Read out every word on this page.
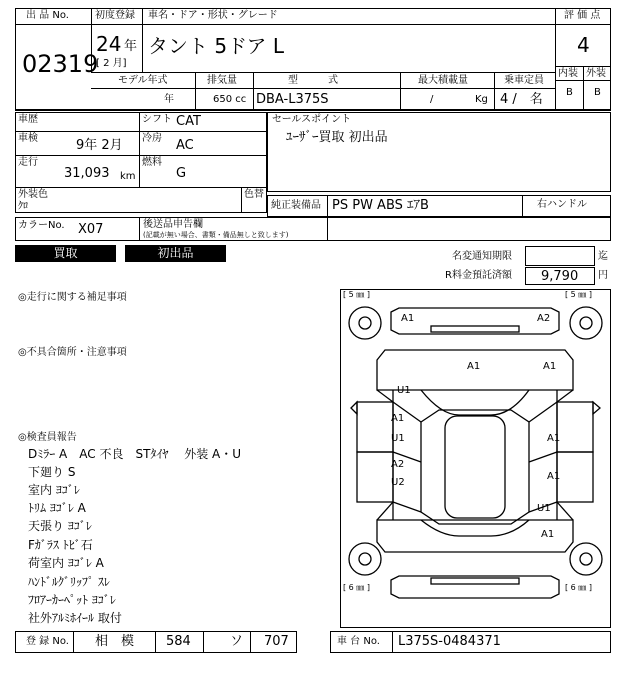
出 品 No.
02319
初度登録
24 年
[ 2 月]
車名・ドア・形状・グレード
タント 5ドア L
モデル年式
年
排気量
650 cc
型　　　式
DBA-L375S
最大積載量
/	Kg
乗車定員
4 /　名
評 価 点
4
内装 外装
B B
車歴
車検	9年 2月
走行
31,093 km
シフト CAT
冷房 AC
燃料
G
セールスポイント
ﾕｰｻﾞｰ買取 初出品
外装色
ｸﾛ
色替
純正装備品 PS PW ABS ｴｱB	右ハンドル
カラーNo. X07	後送品申告欄
(記載が無い場合、書類・備品無しと致します)
買取	初出品	名変通知期限	迄
R料金預託済額 9,790 円
◎走行に関する補足事項
◎不具合箇所・注意事項
◎検査員報告
Dﾐﾗｰ A　AC 不良　STﾀｲﾔ　 外装 A・U
下廻り S
室内 ﾖｺﾞﾚ
ﾄﾘﾑ ﾖｺﾞﾚ A
天張り ﾖｺﾞﾚ
Fｶﾞﾗｽ ﾄﾋﾞ石
荷室内 ﾖｺﾞﾚ A
ﾊﾝﾄﾞﾙｸﾞﾘｯﾌﾟ ｽﾚ
ﾌﾛｱｰｶｰﾍﾟｯﾄ ﾖｺﾞﾚ
社外ｱﾙﾐﾎｲｰﾙ 取付
[ 5 ㎜ ]	[ 5 ㎜ ]
[ 6 ㎜ ]	[ 6 ㎜ ]
A1	A2
A1	A1
U1
A1
U1	A1
A2
U2
A1
U1
A1
登 録 No. 相　模 584	ソ 707	車 台 No. L375S-0484371
